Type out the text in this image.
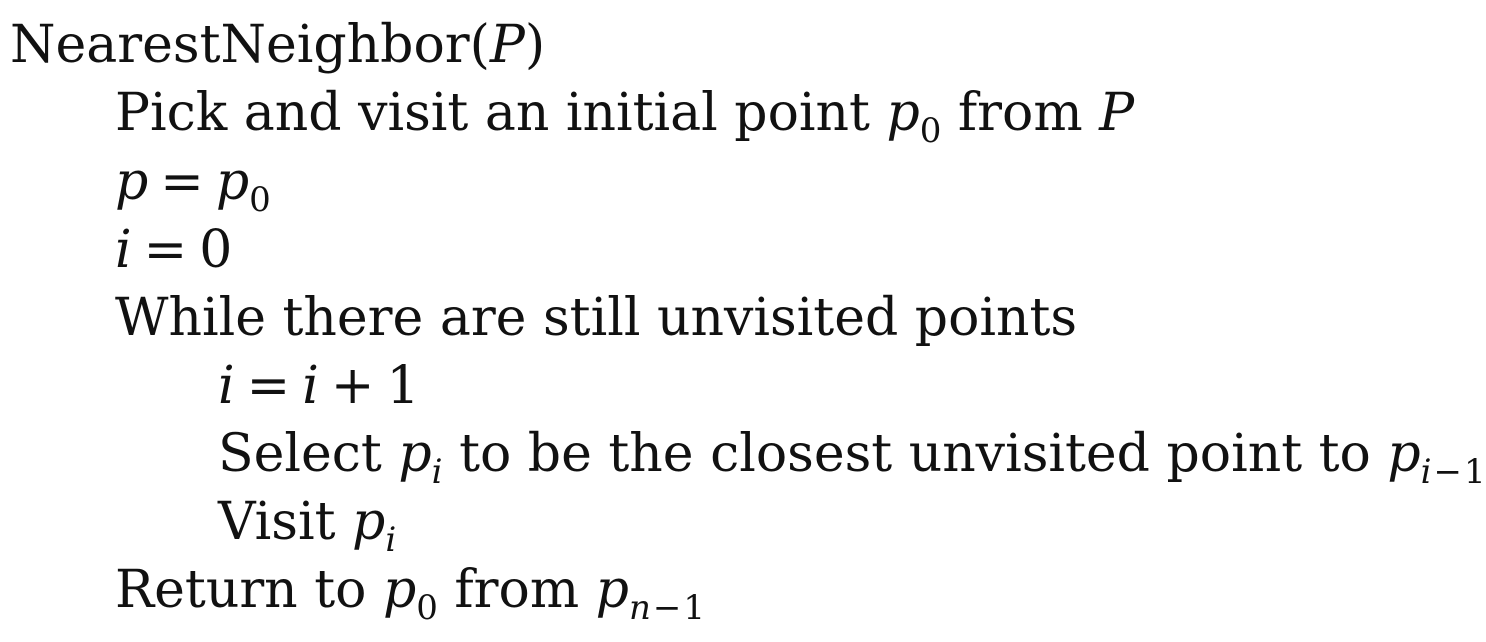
NearestNeighbor(P)
Pick and visit an initial point $p_0$ from P
$p = p_0$
i = 0
While there are still unvisited points
i = i + 1
Select $p_i$ to be the closest unvisited point to $p_{i-1}$
Visit $p_i$
Return to $p_0$ from $p_{n-1}$
